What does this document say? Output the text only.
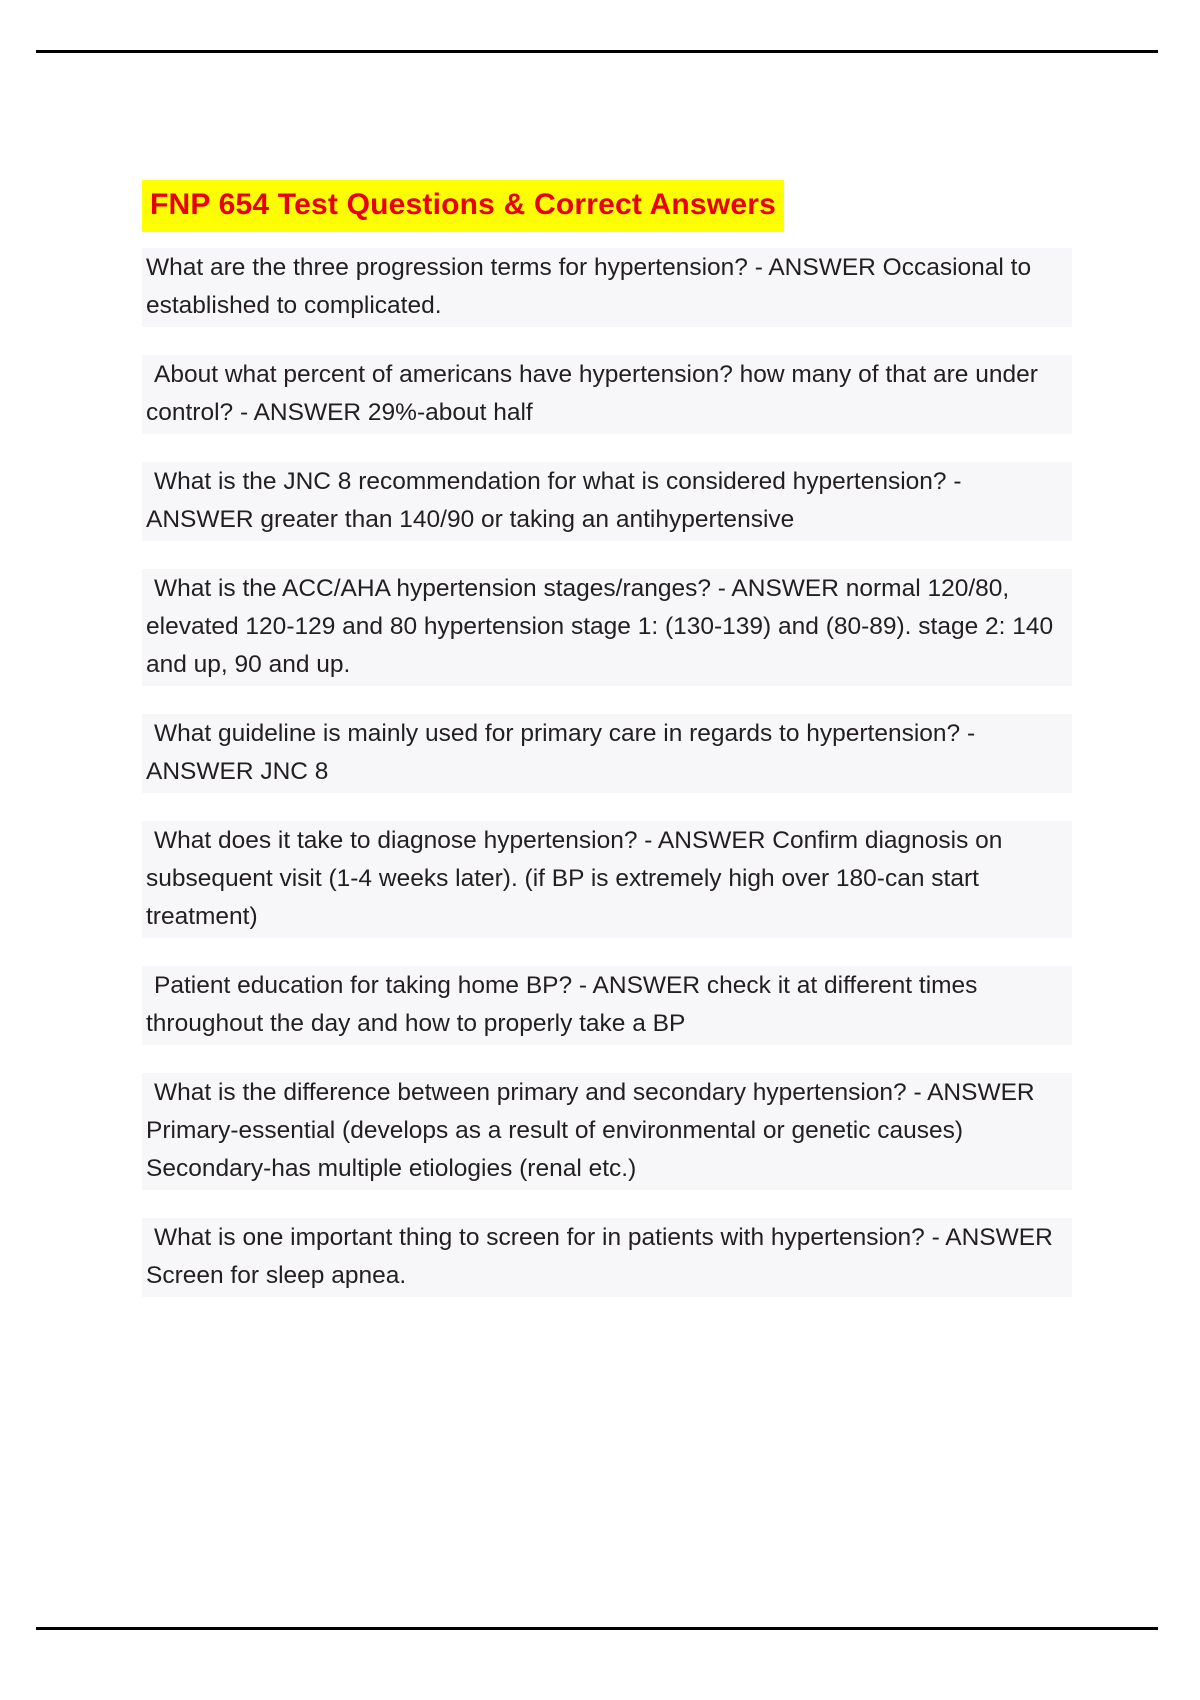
FNP 654 Test Questions & Correct Answers
What are the three progression terms for hypertension? - ANSWER Occasional to established to complicated.
About what percent of americans have hypertension? how many of that are under control? - ANSWER 29%-about half
What is the JNC 8 recommendation for what is considered hypertension? - ANSWER greater than 140/90 or taking an antihypertensive
What is the ACC/AHA hypertension stages/ranges? - ANSWER normal 120/80, elevated 120-129 and 80 hypertension stage 1: (130-139) and (80-89). stage 2: 140 and up, 90 and up.
What guideline is mainly used for primary care in regards to hypertension? - ANSWER JNC 8
What does it take to diagnose hypertension? - ANSWER Confirm diagnosis on subsequent visit (1-4 weeks later). (if BP is extremely high over 180-can start treatment)
Patient education for taking home BP? - ANSWER check it at different times throughout the day and how to properly take a BP
What is the difference between primary and secondary hypertension? - ANSWER Primary-essential (develops as a result of environmental or genetic causes) Secondary-has multiple etiologies (renal etc.)
What is one important thing to screen for in patients with hypertension? - ANSWER Screen for sleep apnea.
